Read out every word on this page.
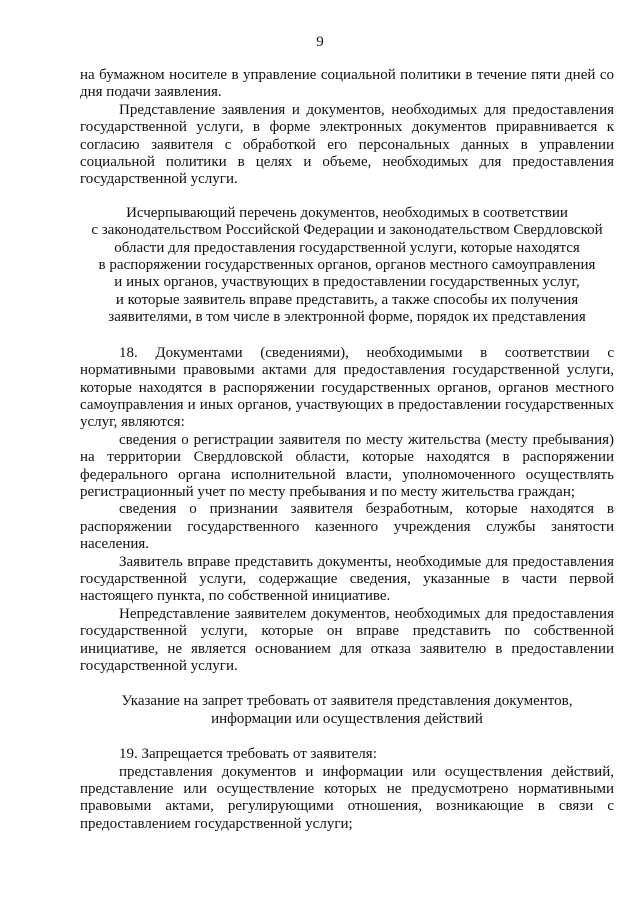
9

на бумажном носителе в управление социальной политики в течение пяти дней со дня подачи заявления.

Представление заявления и документов, необходимых для предоставления государственной услуги, в форме электронных документов приравнивается к согласию заявителя с обработкой его персональных данных в управлении социальной политики в целях и объеме, необходимых для предоставления государственной услуги.

Исчерпывающий перечень документов, необходимых в соответствии
с законодательством Российской Федерации и законодательством Свердловской
области для предоставления государственной услуги, которые находятся
в распоряжении государственных органов, органов местного самоуправления
и иных органов, участвующих в предоставлении государственных услуг,
и которые заявитель вправе представить, а также способы их получения
заявителями, в том числе в электронной форме, порядок их представления

18. Документами (сведениями), необходимыми в соответствии с нормативными правовыми актами для предоставления государственной услуги, которые находятся в распоряжении государственных органов, органов местного самоуправления и иных органов, участвующих в предоставлении государственных услуг, являются:

сведения о регистрации заявителя по месту жительства (месту пребывания) на территории Свердловской области, которые находятся в распоряжении федерального органа исполнительной власти, уполномоченного осуществлять регистрационный учет по месту пребывания и по месту жительства граждан;

сведения о признании заявителя безработным, которые находятся в распоряжении государственного казенного учреждения службы занятости населения.

Заявитель вправе представить документы, необходимые для предоставления государственной услуги, содержащие сведения, указанные в части первой настоящего пункта, по собственной инициативе.

Непредставление заявителем документов, необходимых для предоставления государственной услуги, которые он вправе представить по собственной инициативе, не является основанием для отказа заявителю в предоставлении государственной услуги.

Указание на запрет требовать от заявителя представления документов,
информации или осуществления действий

19. Запрещается требовать от заявителя:

представления документов и информации или осуществления действий, представление или осуществление которых не предусмотрено нормативными правовыми актами, регулирующими отношения, возникающие в связи с предоставлением государственной услуги;
